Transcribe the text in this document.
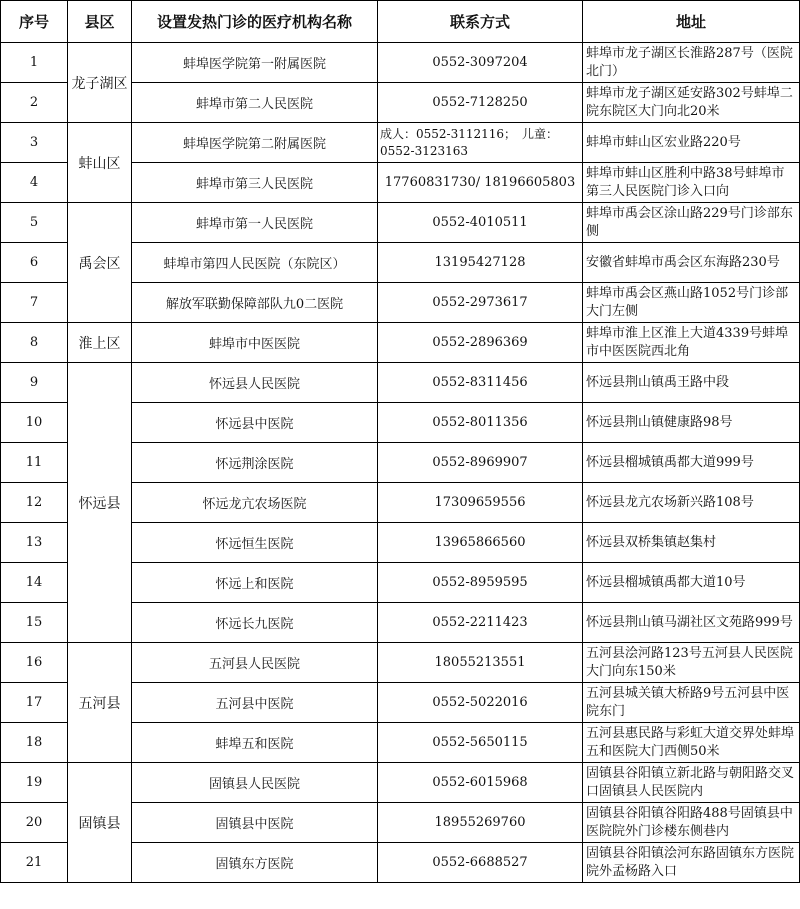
序号	县区	设置发热门诊的医疗机构名称	联系方式	地址
1	龙子湖区	蚌埠医学院第一附属医院	0552-3097204	蚌埠市龙子湖区长淮路287号（医院北门）
2		蚌埠市第二人民医院	0552-7128250	蚌埠市龙子湖区延安路302号蚌埠二院东院区大门向北20米
3	蚌山区	蚌埠医学院第二附属医院	成人：0552-3112116；　儿童：0552-3123163	蚌埠市蚌山区宏业路220号
4		蚌埠市第三人民医院	17760831730/ 18196605803	蚌埠市蚌山区胜利中路38号蚌埠市第三人民医院门诊入口向
5	禹会区	蚌埠市第一人民医院	0552-4010511	蚌埠市禹会区涂山路229号门诊部东侧
6		蚌埠市第四人民医院（东院区）	13195427128	安徽省蚌埠市禹会区东海路230号
7		解放军联勤保障部队九0二医院	0552-2973617	蚌埠市禹会区燕山路1052号门诊部大门左侧
8	淮上区	蚌埠市中医医院	0552-2896369	蚌埠市淮上区淮上大道4339号蚌埠市中医医院西北角
9	怀远县	怀远县人民医院	0552-8311456	怀远县荆山镇禹王路中段
10		怀远县中医院	0552-8011356	怀远县荆山镇健康路98号
11		怀远荆涂医院	0552-8969907	怀远县榴城镇禹都大道999号
12		怀远龙亢农场医院	17309659556	怀远县龙亢农场新兴路108号
13		怀远恒生医院	13965866560	怀远县双桥集镇赵集村
14		怀远上和医院	0552-8959595	怀远县榴城镇禹都大道10号
15		怀远长九医院	0552-2211423	怀远县荆山镇马湖社区文苑路999号
16	五河县	五河县人民医院	18055213551	五河县浍河路123号五河县人民医院大门向东150米
17		五河县中医院	0552-5022016	五河县城关镇大桥路9号五河县中医院东门
18		蚌埠五和医院	0552-5650115	五河县惠民路与彩虹大道交界处蚌埠五和医院大门西侧50米
19	固镇县	固镇县人民医院	0552-6015968	固镇县谷阳镇立新北路与朝阳路交叉口固镇县人民医院内
20		固镇县中医院	18955269760	固镇县谷阳镇谷阳路488号固镇县中医院院外门诊楼东侧巷内
21		固镇东方医院	0552-6688527	固镇县谷阳镇浍河东路固镇东方医院院外孟杨路入口
